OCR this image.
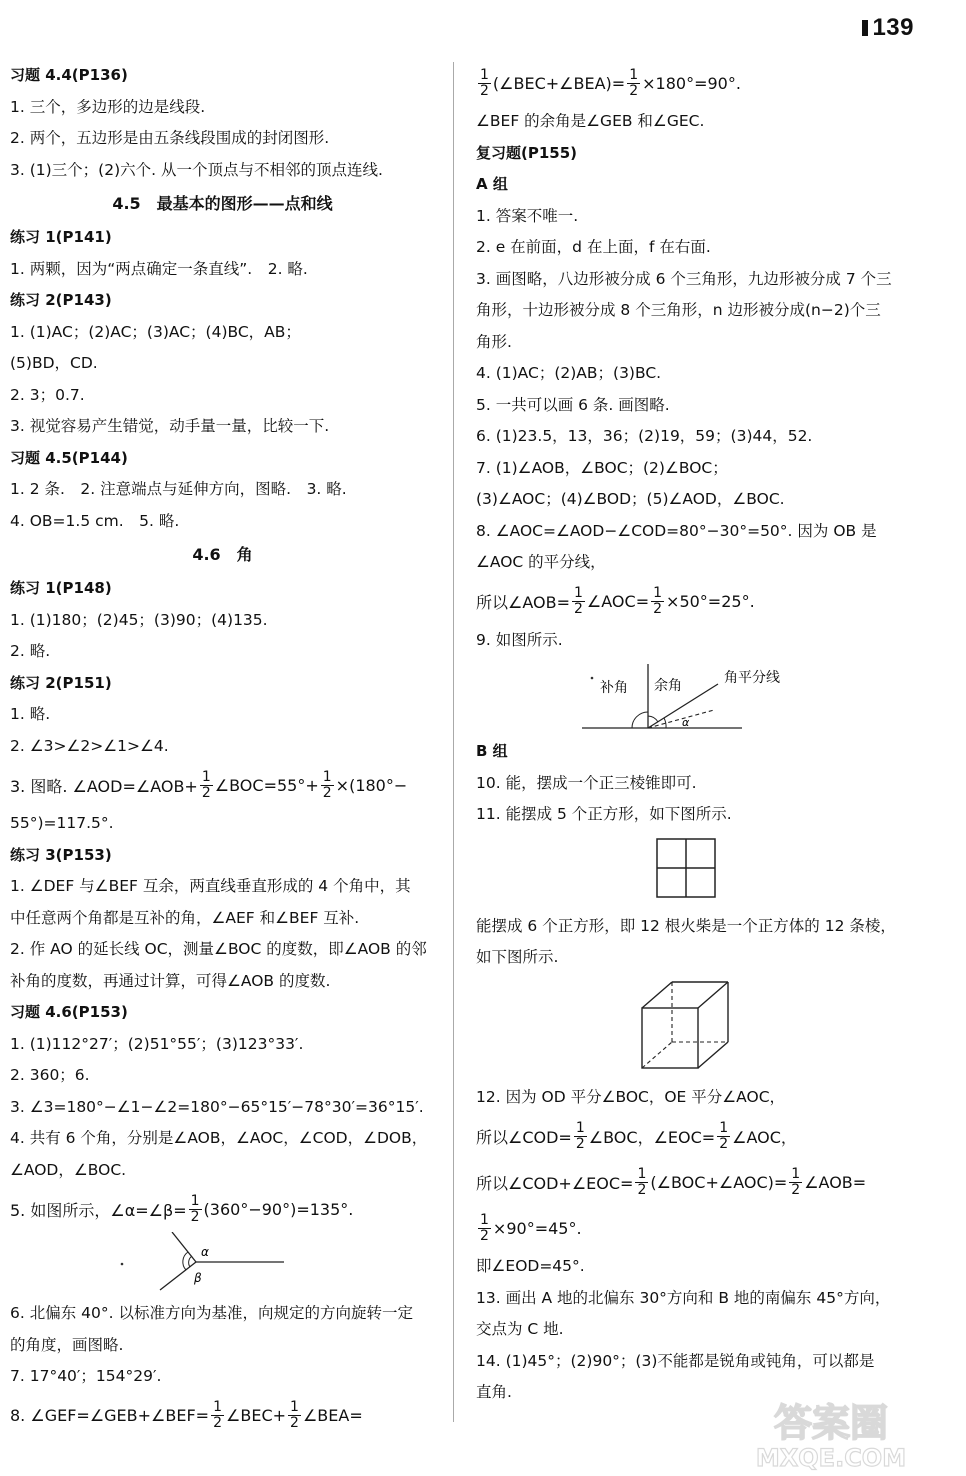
139
习题 4.4(P136)
1. 三个，多边形的边是线段.
2. 两个，五边形是由五条线段围成的封闭图形.
3. (1)三个；(2)六个. 从一个顶点与不相邻的顶点连线.
4.5　最基本的图形——点和线
练习 1(P141)
1. 两颗，因为“两点确定一条直线”.　2. 略.
练习 2(P143)
1. (1)AC；(2)AC；(3)AC；(4)BC，AB；
(5)BD，CD.
2. 3；0.7.
3. 视觉容易产生错觉，动手量一量，比较一下.
习题 4.5(P144)
1. 2 条.　2. 注意端点与延伸方向，图略.　3. 略.
4. OB=1.5 cm.　5. 略.
4.6　角
练习 1(P148)
1. (1)180；(2)45；(3)90；(4)135.
2. 略.
练习 2(P151)
1. 略.
2. ∠3>∠2>∠1>∠4.
3. 图略. ∠AOD=∠AOB+ $\frac{1}{2}$ ∠BOC=55°+ $\frac{1}{2} \times(180^\circ-$
55°)=117.5°.
练习 3(P153)
1. ∠DEF 与∠BEF 互余，两直线垂直形成的 4 个角中，其
中任意两个角都是互补的角，∠AEF 和∠BEF 互补.
2. 作 AO 的延长线 OC，测量∠BOC 的度数，即∠AOB 的邻
补角的度数，再通过计算，可得∠AOB 的度数.
习题 4.6(P153)
1. (1)112°27′；(2)51°55′；(3)123°33′.
2. 360；6.
3. ∠3=180°−∠1−∠2=180°−65°15′−78°30′=36°15′.
4. 共有 6 个角，分别是∠AOB，∠AOC，∠COD，∠DOB，
∠AOD，∠BOC.
5. 如图所示，∠α=∠β= $\frac{1}{2} (360^\circ-90^\circ)=135^\circ$.
α
β
6. 北偏东 40°. 以标准方向为基准，向规定的方向旋转一定
的角度，画图略.
7. 17°40′；154°29′.
8. ∠GEF=∠GEB+∠BEF= $\frac{1}{2}$ ∠BEC+ $\frac{1}{2}$ ∠BEA=
$\frac{1}{2}$ (∠BEC+∠BEA)= $\frac{1}{2} \times 180^\circ=90^\circ$.
∠BEF 的余角是∠GEB 和∠GEC.
复习题(P155)
A 组
1. 答案不唯一.
2. e 在前面，d 在上面，f 在右面.
3. 画图略，八边形被分成 6 个三角形，九边形被分成 7 个三
角形，十边形被分成 8 个三角形，n 边形被分成(n−2)个三
角形.
4. (1)AC；(2)AB；(3)BC.
5. 一共可以画 6 条. 画图略.
6. (1)23.5，13，36；(2)19，59；(3)44，52.
7. (1)∠AOB，∠BOC；(2)∠BOC；
(3)∠AOC；(4)∠BOD；(5)∠AOD，∠BOC.
8. ∠AOC=∠AOD−∠COD=80°−30°=50°. 因为 OB 是
∠AOC 的平分线，
所以∠AOB= $\frac{1}{2}$ ∠AOC= $\frac{1}{2} \times 50^\circ=25^\circ$.
9. 如图所示.
补角 余角	角平分线
α
B 组
10. 能，摆成一个正三棱锥即可.
11. 能摆成 5 个正方形，如下图所示.
能摆成 6 个正方形，即 12 根火柴是一个正方体的 12 条棱，
如下图所示.
12. 因为 OD 平分∠BOC，OE 平分∠AOC，
所以∠COD= $\frac{1}{2}$ ∠BOC，∠EOC= $\frac{1}{2}$ ∠AOC，
所以∠COD+∠EOC= $\frac{1}{2}$ (∠BOC+∠AOC)= $\frac{1}{2}$ ∠AOB=
$\frac{1}{2} \times 90^\circ=45^\circ$.
即∠EOD=45°.
13. 画出 A 地的北偏东 30°方向和 B 地的南偏东 45°方向，
交点为 C 地.
14. (1)45°；(2)90°；(3)不能都是锐角或钝角，可以都是
直角.
答案圈
MXQE.COM
